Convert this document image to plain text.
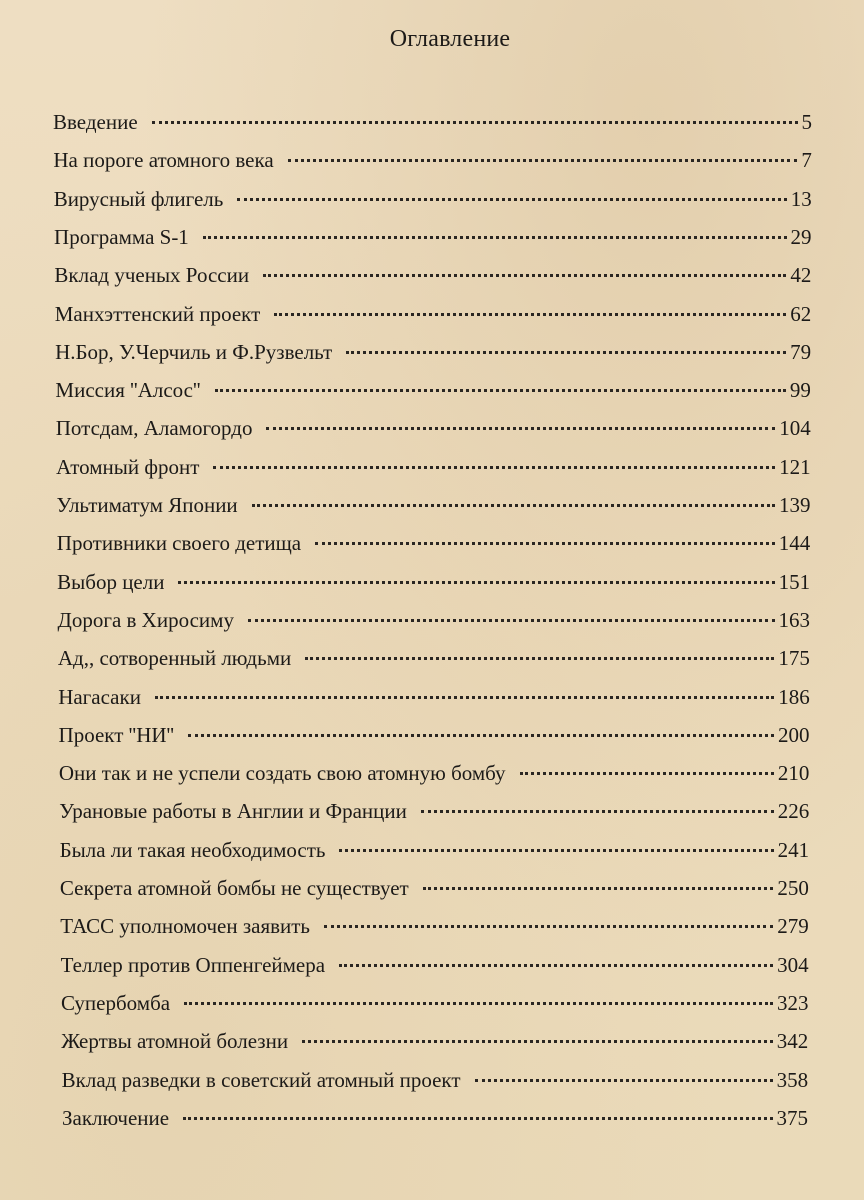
Оглавление
Введение	5
На пороге атомного века	7
Вирусный флигель	13
Программа S-1	29
Вклад ученых России	42
Манхэттенский проект	62
Н.Бор, У.Черчиль и Ф.Рузвельт	79
Миссия ''Алсос''	99
Потсдам, Аламогордо	104
Атомный фронт	121
Ультиматум Японии	139
Противники своего детища	144
Выбор цели	151
Дорога в Хиросиму	163
Ад,, сотворенный людьми	175
Нагасаки	186
Проект ''НИ''	200
Они так и не успели создать свою атомную бомбу	210
Урановые работы в Англии и Франции	226
Была ли такая необходимость	241
Секрета атомной бомбы не существует	250
ТАСС уполномочен заявить	279
Теллер против Оппенгеймера	304
Супербомба	323
Жертвы атомной болезни	342
Вклад разведки в советский атомный проект	358
Заключение	375
